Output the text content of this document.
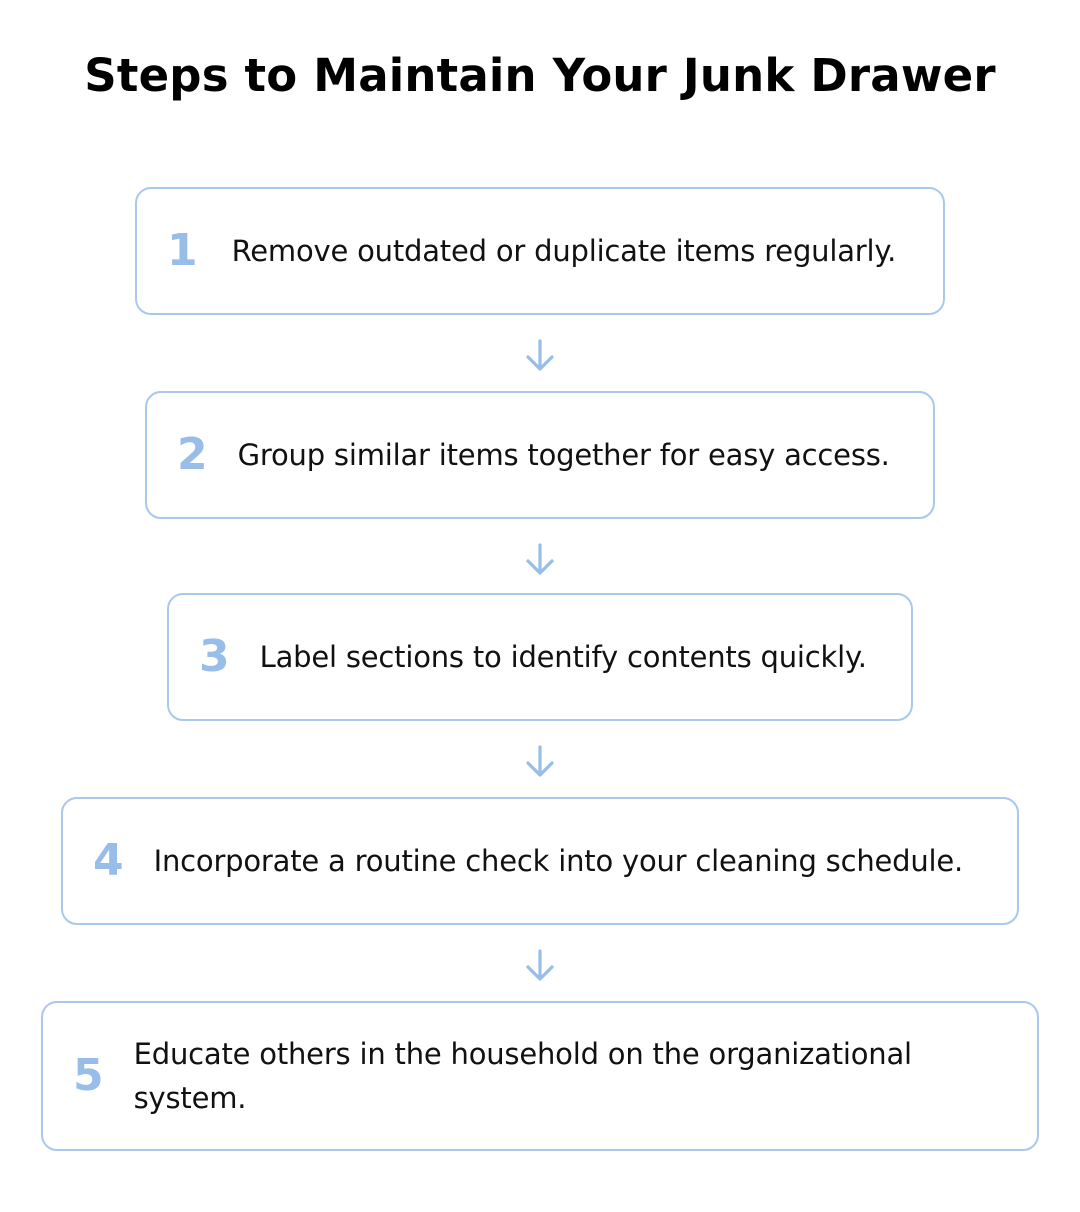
Steps to Maintain Your Junk Drawer
1 Remove outdated or duplicate items regularly.
2 Group similar items together for easy access.
3 Label sections to identify contents quickly.
4 Incorporate a routine check into your cleaning schedule.
5 Educate others in the household on the organizational system.
